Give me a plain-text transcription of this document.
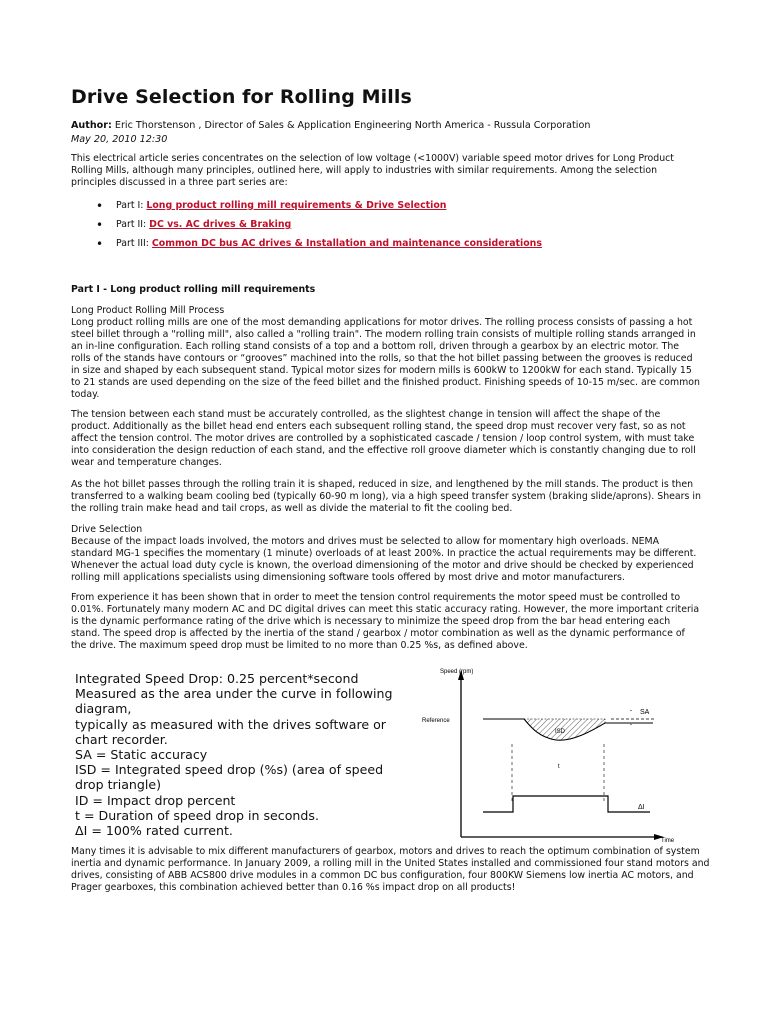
Drive Selection for Rolling Mills
Author: Eric Thorstenson , Director of Sales & Application Engineering North America - Russula Corporation
May 20, 2010 12:30

This electrical article series concentrates on the selection of low voltage (<1000V) variable speed motor drives for Long Product Rolling Mills, although many principles, outlined here, will apply to industries with similar requirements. Among the selection principles discussed in a three part series are:

• Part I: Long product rolling mill requirements & Drive Selection
• Part II: DC vs. AC drives & Braking
• Part III: Common DC bus AC drives & Installation and maintenance considerations
Part I - Long product rolling mill requirements
Long Product Rolling Mill Process
Long product rolling mills are one of the most demanding applications for motor drives. The rolling process consists of passing a hot steel billet through a "rolling mill", also called a "rolling train". The modern rolling train consists of multiple rolling stands arranged in an in-line configuration. Each rolling stand consists of a top and a bottom roll, driven through a gearbox by an electric motor. The rolls of the stands have contours or “grooves” machined into the rolls, so that the hot billet passing between the grooves is reduced in size and shaped by each subsequent stand. Typical motor sizes for modern mills is 600kW to 1200kW for each stand. Typically 15 to 21 stands are used depending on the size of the feed billet and the finished product. Finishing speeds of 10-15 m/sec. are common today.

The tension between each stand must be accurately controlled, as the slightest change in tension will affect the shape of the product. Additionally as the billet head end enters each subsequent rolling stand, the speed drop must recover very fast, so as not affect the tension control. The motor drives are controlled by a sophisticated cascade / tension / loop control system, with must take into consideration the design reduction of each stand, and the effective roll groove diameter which is constantly changing due to roll wear and temperature changes.

As the hot billet passes through the rolling train it is shaped, reduced in size, and lengthened by the mill stands. The product is then transferred to a walking beam cooling bed (typically 60-90 m long), via a high speed transfer system (braking slide/aprons). Shears in the rolling train make head and tail crops, as well as divide the material to fit the cooling bed.

Drive Selection
Because of the impact loads involved, the motors and drives must be selected to allow for momentary high overloads. NEMA standard MG-1 specifies the momentary (1 minute) overloads of at least 200%. In practice the actual requirements may be different. Whenever the actual load duty cycle is known, the overload dimensioning of the motor and drive should be checked by experienced rolling mill applications specialists using dimensioning software tools offered by most drive and motor manufacturers.

From experience it has been shown that in order to meet the tension control requirements the motor speed must be controlled to 0.01%. Fortunately many modern AC and DC digital drives can meet this static accuracy rating. However, the more important criteria is the dynamic performance rating of the drive which is necessary to minimize the speed drop from the bar head entering each stand. The speed drop is affected by the inertia of the stand / gearbox / motor combination as well as the dynamic performance of the drive. The maximum speed drop must be limited to no more than 0.25 %s, as defined above.

Integrated Speed Drop: 0.25 percent*second
Measured as the area under the curve in following diagram,
typically as measured with the drives software or chart recorder.
SA = Static accuracy
ISD = Integrated speed drop (%s) (area of speed drop triangle)
ID = Impact drop percent
t = Duration of speed drop in seconds.
ΔI = 100% rated current.
Speed (rpm)
Time
Reference
ISD
ˇ
ˆ
SA
t
ΔI

Many times it is advisable to mix different manufacturers of gearbox, motors and drives to reach the optimum combination of system inertia and dynamic performance. In January 2009, a rolling mill in the United States installed and commissioned four stand motors and drives, consisting of ABB ACS800 drive modules in a common DC bus configuration, four 800KW Siemens low inertia AC motors, and Prager gearboxes, this combination achieved better than 0.16 %s impact drop on all products!
